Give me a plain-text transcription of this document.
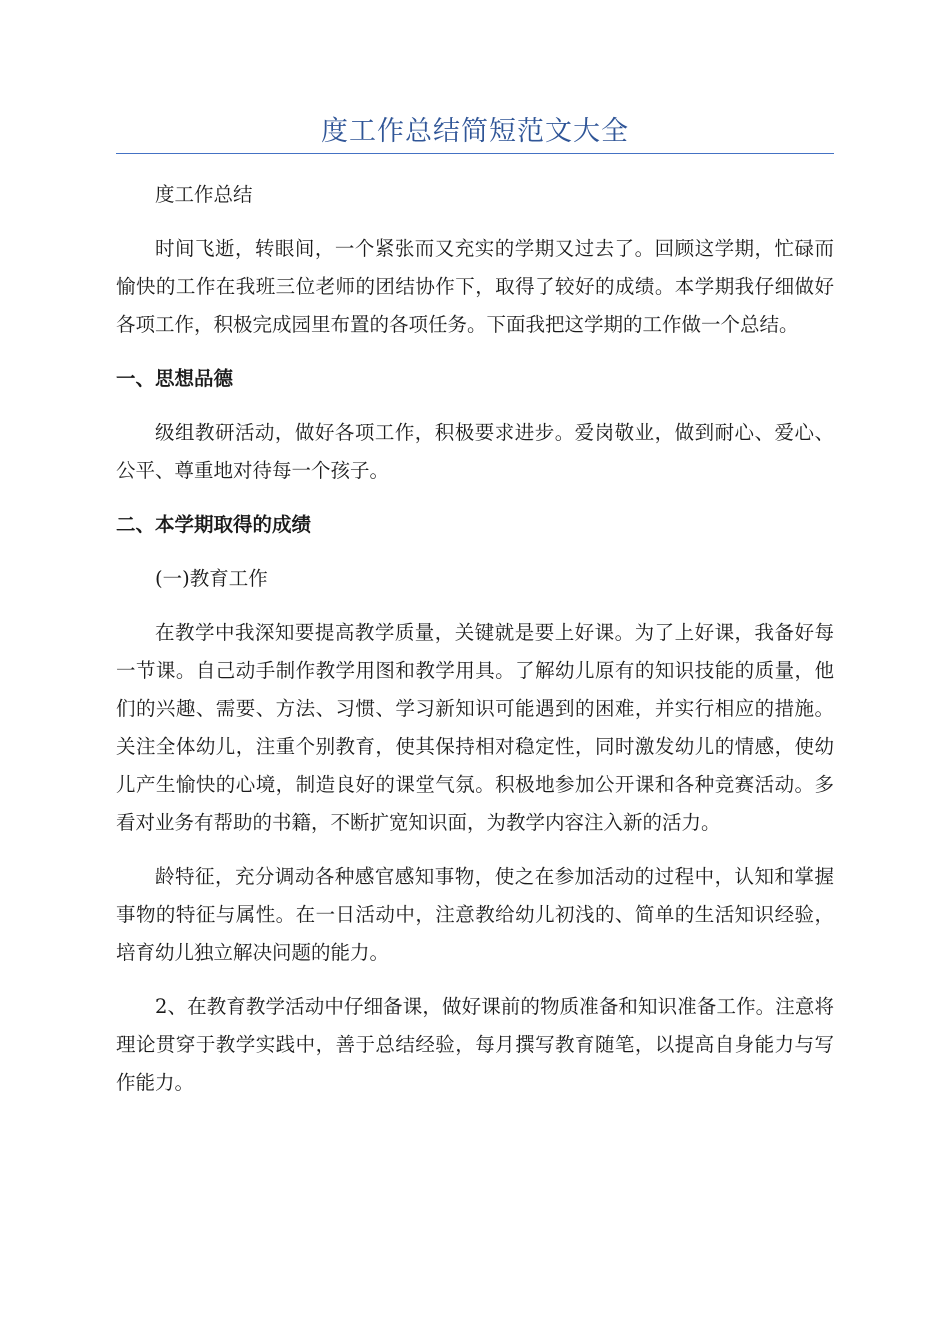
度工作总结简短范文大全

度工作总结

时间飞逝，转眼间，一个紧张而又充实的学期又过去了。回顾这学期，忙碌而愉快的工作在我班三位老师的团结协作下，取得了较好的成绩。本学期我仔细做好各项工作，积极完成园里布置的各项任务。下面我把这学期的工作做一个总结。

一、思想品德

级组教研活动，做好各项工作，积极要求进步。爱岗敬业，做到耐心、爱心、公平、尊重地对待每一个孩子。

二、本学期取得的成绩

(一)教育工作

在教学中我深知要提高教学质量，关键就是要上好课。为了上好课，我备好每一节课。自己动手制作教学用图和教学用具。了解幼儿原有的知识技能的质量，他们的兴趣、需要、方法、习惯、学习新知识可能遇到的困难，并实行相应的措施。关注全体幼儿，注重个别教育，使其保持相对稳定性，同时激发幼儿的情感，使幼儿产生愉快的心境，制造良好的课堂气氛。积极地参加公开课和各种竞赛活动。多看对业务有帮助的书籍，不断扩宽知识面，为教学内容注入新的活力。

龄特征，充分调动各种感官感知事物，使之在参加活动的过程中，认知和掌握事物的特征与属性。在一日活动中，注意教给幼儿初浅的、简单的生活知识经验，培育幼儿独立解决问题的能力。

2、在教育教学活动中仔细备课，做好课前的物质准备和知识准备工作。注意将理论贯穿于教学实践中，善于总结经验，每月撰写教育随笔，以提高自身能力与写作能力。
